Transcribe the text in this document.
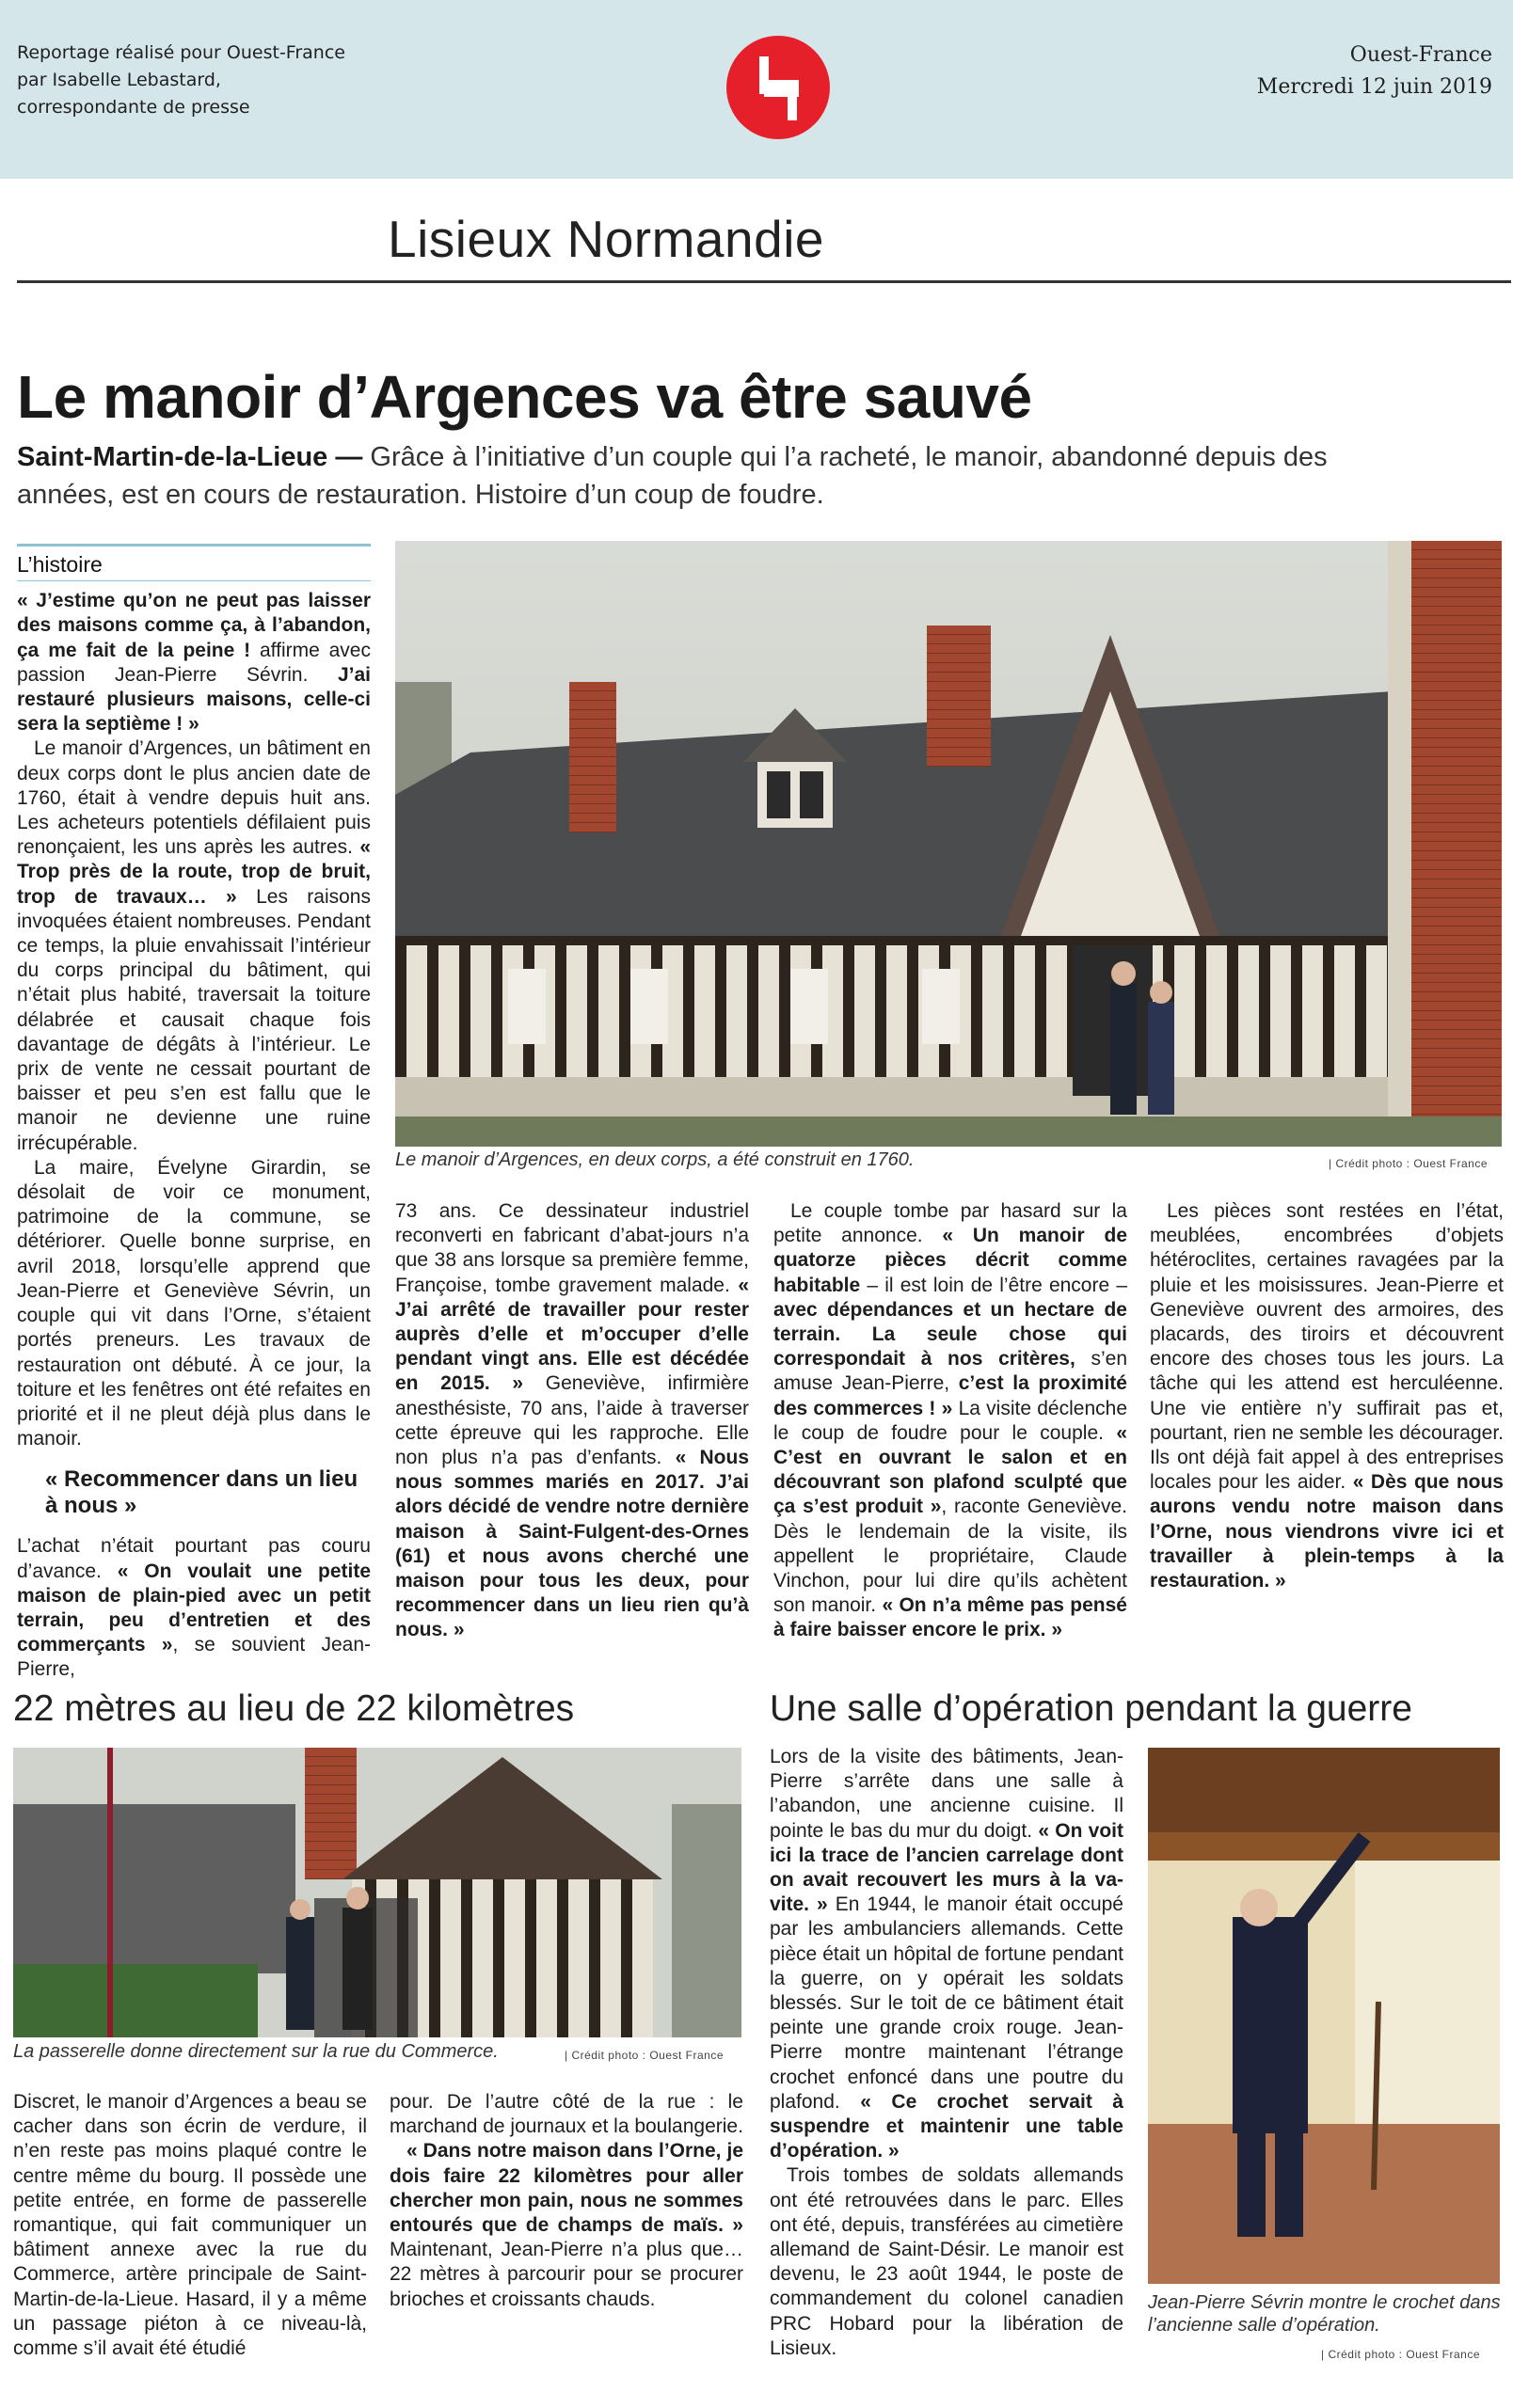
Reportage réalisé pour Ouest-France
par Isabelle Lebastard,
correspondante de presse
Ouest-France
Mercredi 12 juin 2019
Lisieux Normandie
Le manoir d’Argences va être sauvé
Saint-Martin-de-la-Lieue — Grâce à l’initiative d’un couple qui l’a racheté, le manoir, abandonné depuis des années, est en cours de restauration. Histoire d’un coup de foudre.
L’histoire

« J’estime qu’on ne peut pas laisser des maisons comme ça, à l’abandon, ça me fait de la peine ! affirme avec passion Jean-Pierre Sévrin. J’ai restauré plusieurs maisons, celle-ci sera la septième ! »

Le manoir d’Argences, un bâtiment en deux corps dont le plus ancien date de 1760, était à vendre depuis huit ans. Les acheteurs potentiels défilaient puis renonçaient, les uns après les autres. « Trop près de la route, trop de bruit, trop de travaux… » Les raisons invoquées étaient nombreuses. Pendant ce temps, la pluie envahissait l’intérieur du corps principal du bâtiment, qui n’était plus habité, traversait la toiture délabrée et causait chaque fois davantage de dégâts à l’intérieur. Le prix de vente ne cessait pourtant de baisser et peu s’en est fallu que le manoir ne devienne une ruine irrécupérable.

La maire, Évelyne Girardin, se désolait de voir ce monument, patrimoine de la commune, se détériorer. Quelle bonne surprise, en avril 2018, lorsqu’elle apprend que Jean-Pierre et Geneviève Sévrin, un couple qui vit dans l’Orne, s’étaient portés preneurs. Les travaux de restauration ont débuté. À ce jour, la toiture et les fenêtres ont été refaites en priorité et il ne pleut déjà plus dans le manoir.

« Recommencer dans un lieu à nous »

L’achat n’était pourtant pas couru d’avance. « On voulait une petite maison de plain-pied avec un petit terrain, peu d’entretien et des commerçants », se souvient Jean-Pierre,

Le manoir d’Argences, en deux corps, a été construit en 1760.	| Crédit photo : Ouest France

73 ans. Ce dessinateur industriel reconverti en fabricant d’abat-jours n’a que 38 ans lorsque sa première femme, Françoise, tombe gravement malade. « J’ai arrêté de travailler pour rester auprès d’elle et m’occuper d’elle pendant vingt ans. Elle est décédée en 2015. » Geneviève, infirmière anesthésiste, 70 ans, l’aide à traverser cette épreuve qui les rapproche. Elle non plus n’a pas d’enfants. « Nous nous sommes mariés en 2017. J’ai alors décidé de vendre notre dernière maison à Saint-Fulgent-des-Ornes (61) et nous avons cherché une maison pour tous les deux, pour recommencer dans un lieu rien qu’à nous. »

Le couple tombe par hasard sur la petite annonce. « Un manoir de quatorze pièces décrit comme habitable – il est loin de l’être encore – avec dépendances et un hectare de terrain. La seule chose qui correspondait à nos critères, s’en amuse Jean-Pierre, c’est la proximité des commerces ! » La visite déclenche le coup de foudre pour le couple. « C’est en ouvrant le salon et en découvrant son plafond sculpté que ça s’est produit », raconte Geneviève. Dès le lendemain de la visite, ils appellent le propriétaire, Claude Vinchon, pour lui dire qu’ils achètent son manoir. « On n’a même pas pensé à faire baisser encore le prix. »

Les pièces sont restées en l’état, meublées, encombrées d’objets hétéroclites, certaines ravagées par la pluie et les moisissures. Jean-Pierre et Geneviève ouvrent des armoires, des placards, des tiroirs et découvrent encore des choses tous les jours. La tâche qui les attend est herculéenne. Une vie entière n’y suffirait pas et, pourtant, rien ne semble les décourager. Ils ont déjà fait appel à des entreprises locales pour les aider. « Dès que nous aurons vendu notre maison dans l’Orne, nous viendrons vivre ici et travailler à plein-temps à la restauration. »

22 mètres au lieu de 22 kilomètres
La passerelle donne directement sur la rue du Commerce.	| Crédit photo : Ouest France

Discret, le manoir d’Argences a beau se cacher dans son écrin de verdure, il n’en reste pas moins plaqué contre le centre même du bourg. Il possède une petite entrée, en forme de passerelle romantique, qui fait communiquer un bâtiment annexe avec la rue du Commerce, artère principale de Saint-Martin-de-la-Lieue. Hasard, il y a même un passage piéton à ce niveau-là, comme s’il avait été étudié

pour. De l’autre côté de la rue : le marchand de journaux et la boulangerie.

« Dans notre maison dans l’Orne, je dois faire 22 kilomètres pour aller chercher mon pain, nous ne sommes entourés que de champs de maïs. » Maintenant, Jean-Pierre n’a plus que… 22 mètres à parcourir pour se procurer brioches et croissants chauds.

Une salle d’opération pendant la guerre

Lors de la visite des bâtiments, Jean-Pierre s’arrête dans une salle à l’abandon, une ancienne cuisine. Il pointe le bas du mur du doigt. « On voit ici la trace de l’ancien carrelage dont on avait recouvert les murs à la va-vite. » En 1944, le manoir était occupé par les ambulanciers allemands. Cette pièce était un hôpital de fortune pendant la guerre, on y opérait les soldats blessés. Sur le toit de ce bâtiment était peinte une grande croix rouge. Jean-Pierre montre maintenant l’étrange crochet enfoncé dans une poutre du plafond. « Ce crochet servait à suspendre et maintenir une table d’opération. »

Trois tombes de soldats allemands ont été retrouvées dans le parc. Elles ont été, depuis, transférées au cimetière allemand de Saint-Désir. Le manoir est devenu, le 23 août 1944, le poste de commandement du colonel canadien PRC Hobard pour la libération de Lisieux.

Jean-Pierre Sévrin montre le crochet dans l’ancienne salle d’opération.
| Crédit photo : Ouest France
